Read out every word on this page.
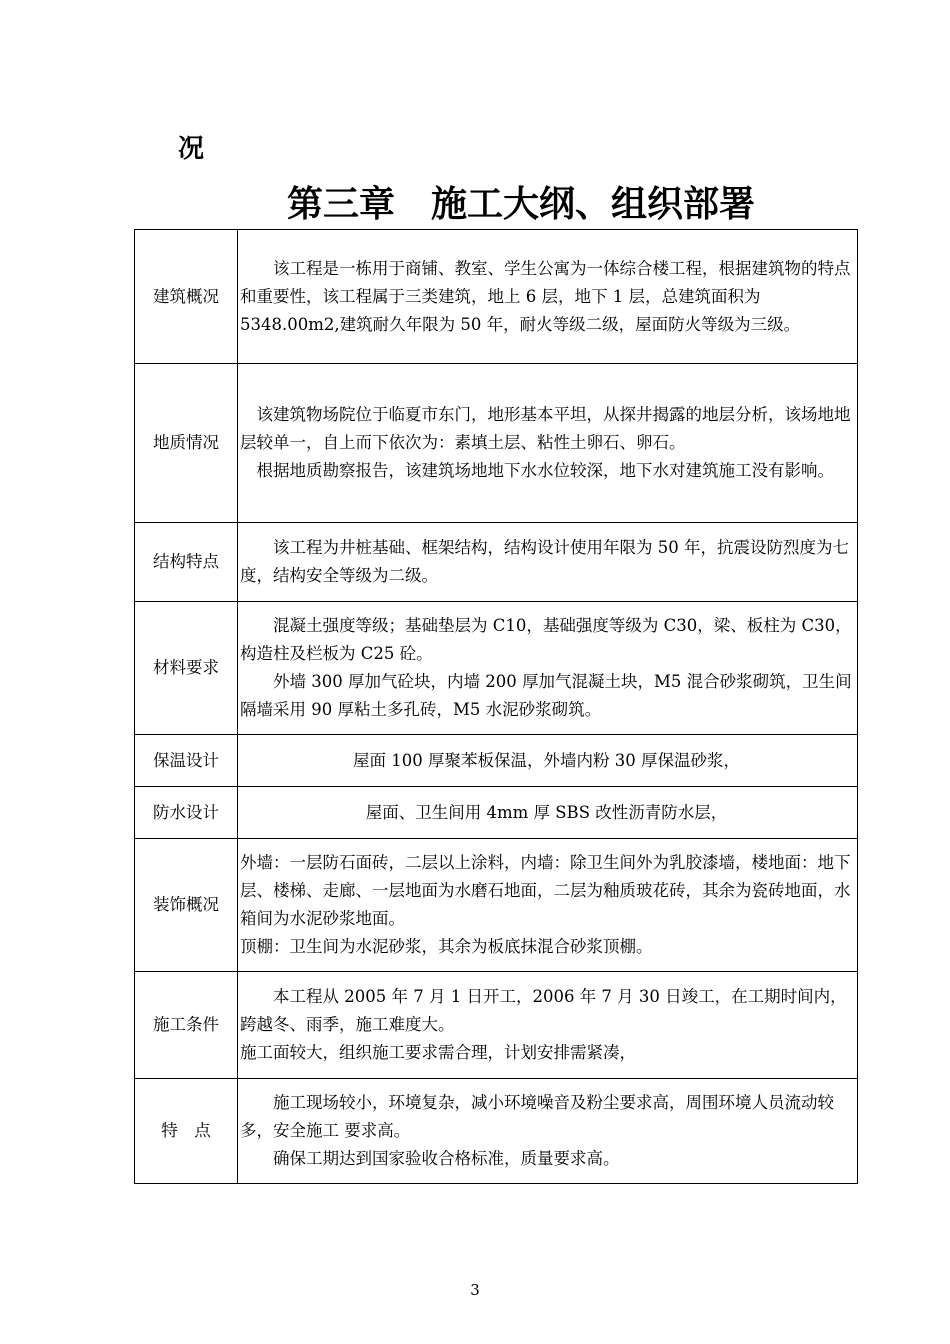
况
第三章　施工大纲、组织部署
建筑概况	　　该工程是一栋用于商铺、教室、学生公寓为一体综合楼工程，根据建筑物的特点和重要性，该工程属于三类建筑，地上 6 层，地下 1 层，总建筑面积为 5348.00m2,建筑耐久年限为 50 年，耐火等级二级，屋面防火等级为三级。

地质情况	　该建筑物场院位于临夏市东门，地形基本平坦，从探井揭露的地层分析，该场地地层较单一，自上而下依次为：素填土层、粘性土卵石、卵石。

　根据地质勘察报告，该建筑场地地下水水位较深，地下水对建筑施工没有影响。

结构特点	　　该工程为井桩基础、框架结构，结构设计使用年限为 50 年，抗震设防烈度为七度，结构安全等级为二级。

材料要求	　　混凝土强度等级；基础垫层为 C10，基础强度等级为 C30，梁、板柱为 C30，构造柱及栏板为 C25 砼。

　　外墙 300 厚加气砼块，内墙 200 厚加气混凝土块，M5 混合砂浆砌筑，卫生间隔墙采用 90 厚粘土多孔砖，M5 水泥砂浆砌筑。

保温设计	屋面 100 厚聚苯板保温，外墙内粉 30 厚保温砂浆，

防水设计	屋面、卫生间用 4mm 厚 SBS 改性沥青防水层，

装饰概况	外墙：一层防石面砖，二层以上涂料，内墙：除卫生间外为乳胶漆墙，楼地面：地下层、楼梯、走廊、一层地面为水磨石地面，二层为釉质玻花砖，其余为瓷砖地面，水箱间为水泥砂浆地面。

顶棚：卫生间为水泥砂浆，其余为板底抹混合砂浆顶棚。

施工条件	　　本工程从 2005 年 7 月 1 日开工，2006 年 7 月 30 日竣工，在工期时间内，跨越冬、雨季，施工难度大。

施工面较大，组织施工要求需合理，计划安排需紧凑，

特　点	　　施工现场较小，环境复杂，减小环境噪音及粉尘要求高，周围环境人员流动较多，安全施工 要求高。

　　确保工期达到国家验收合格标准，质量要求高。

3
